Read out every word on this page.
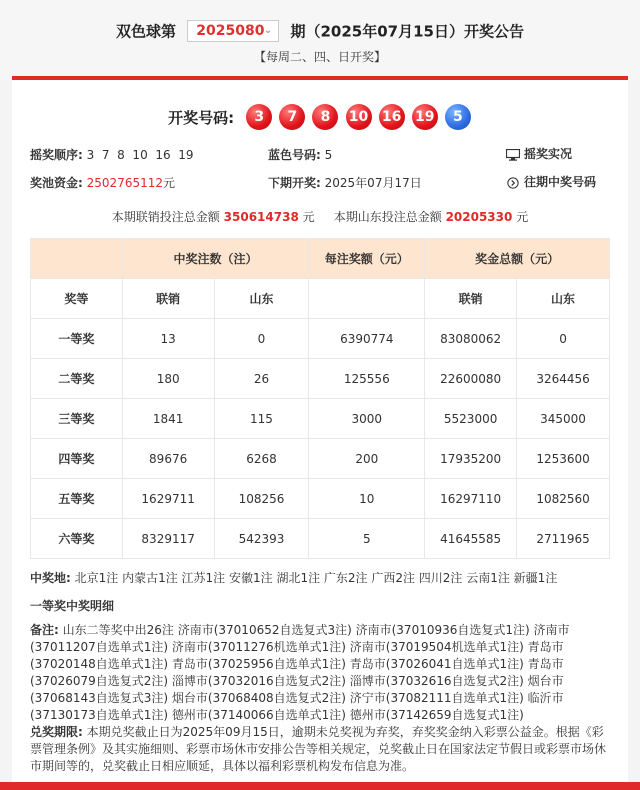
双色球第 2025080 ⌄ 期（2025年07月15日）开奖公告
【每周二、四、日开奖】
开奖号码: 3 7 8 10 16 19 5
摇奖顺序: 3  7  8  10  16  19	蓝色号码: 5	摇奖实况
奖池资金: 2502765112元	下期开奖: 2025年07月17日	往期中奖号码
本期联销投注总金额 350614738 元 本期山东投注总金额 20205330 元
	中奖注数（注）		每注奖额（元）	奖金总额（元）	
奖等	联销	山东		联销	山东
一等奖	13	0	6390774	83080062	0
二等奖	180	26	125556	22600080	3264456
三等奖	1841	115	3000	5523000	345000
四等奖	89676	6268	200	17935200	1253600
五等奖	1629711	108256	10	16297110	1082560
六等奖	8329117	542393	5	41645585	2711965
中奖地: 北京1注 内蒙古1注 江苏1注 安徽1注 湖北1注 广东2注 广西2注 四川2注 云南1注 新疆1注
一等奖中奖明细
备注: 山东二等奖中出26注 济南市(37010652自选复式3注) 济南市(37010936自选复式1注) 济南市(37011207自选单式1注) 济南市(37011276机选单式1注) 济南市(37019504机选单式1注) 青岛市(37020148自选单式1注) 青岛市(37025956自选单式1注) 青岛市(37026041自选单式1注) 青岛市(37026079自选复式2注) 淄博市(37032016自选复式2注) 淄博市(37032616自选复式2注) 烟台市(37068143自选复式3注) 烟台市(37068408自选复式2注) 济宁市(37082111自选单式1注) 临沂市(37130173自选单式1注) 德州市(37140066自选单式1注) 德州市(37142659自选复式1注)
兑奖期限: 本期兑奖截止日为2025年09月15日，逾期未兑奖视为弃奖，弃奖奖金纳入彩票公益金。根据《彩票管理条例》及其实施细则、彩票市场休市安排公告等相关规定，兑奖截止日在国家法定节假日或彩票市场休市期间等的，兑奖截止日相应顺延，具体以福利彩票机构发布信息为准。
